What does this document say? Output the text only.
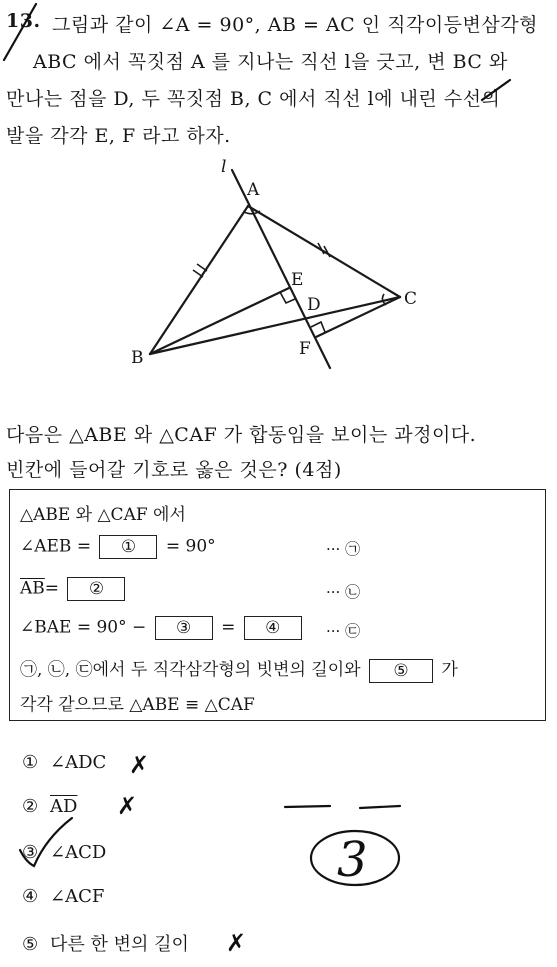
13. 그림과 같이 ∠A = 90°, AB = AC 인 직각이등변삼각형
ABC 에서 꼭짓점 A 를 지나는 직선 l을 긋고, 변 BC 와
만나는 점을 D, 두 꼭짓점 B, C 에서 직선 l에 내린 수선의
발을 각각 E, F 라고 하자.
l
A
B
C
D
E
F
다음은 △ABE 와 △CAF 가 합동임을 보이는 과정이다.
빈칸에 들어갈 기호로 옳은 것은? (4점)
△ABE 와 △CAF 에서
∠AEB = ① = 90°	··· ㉠
$\overline{AB}=$ ②	··· ㉡
∠BAE = 90° − ③ = ④	··· ㉢
㉠, ㉡, ㉢에서 두 직각삼각형의 빗변의 길이와 ⑤ 가
각각 같으므로 △ABE ≡ △CAF
① ∠ADC
② $\overline{AD}$
③ ∠ACD
④ ∠ACF
⑤ 다른 한 변의 길이
3
✗
✗
✗
